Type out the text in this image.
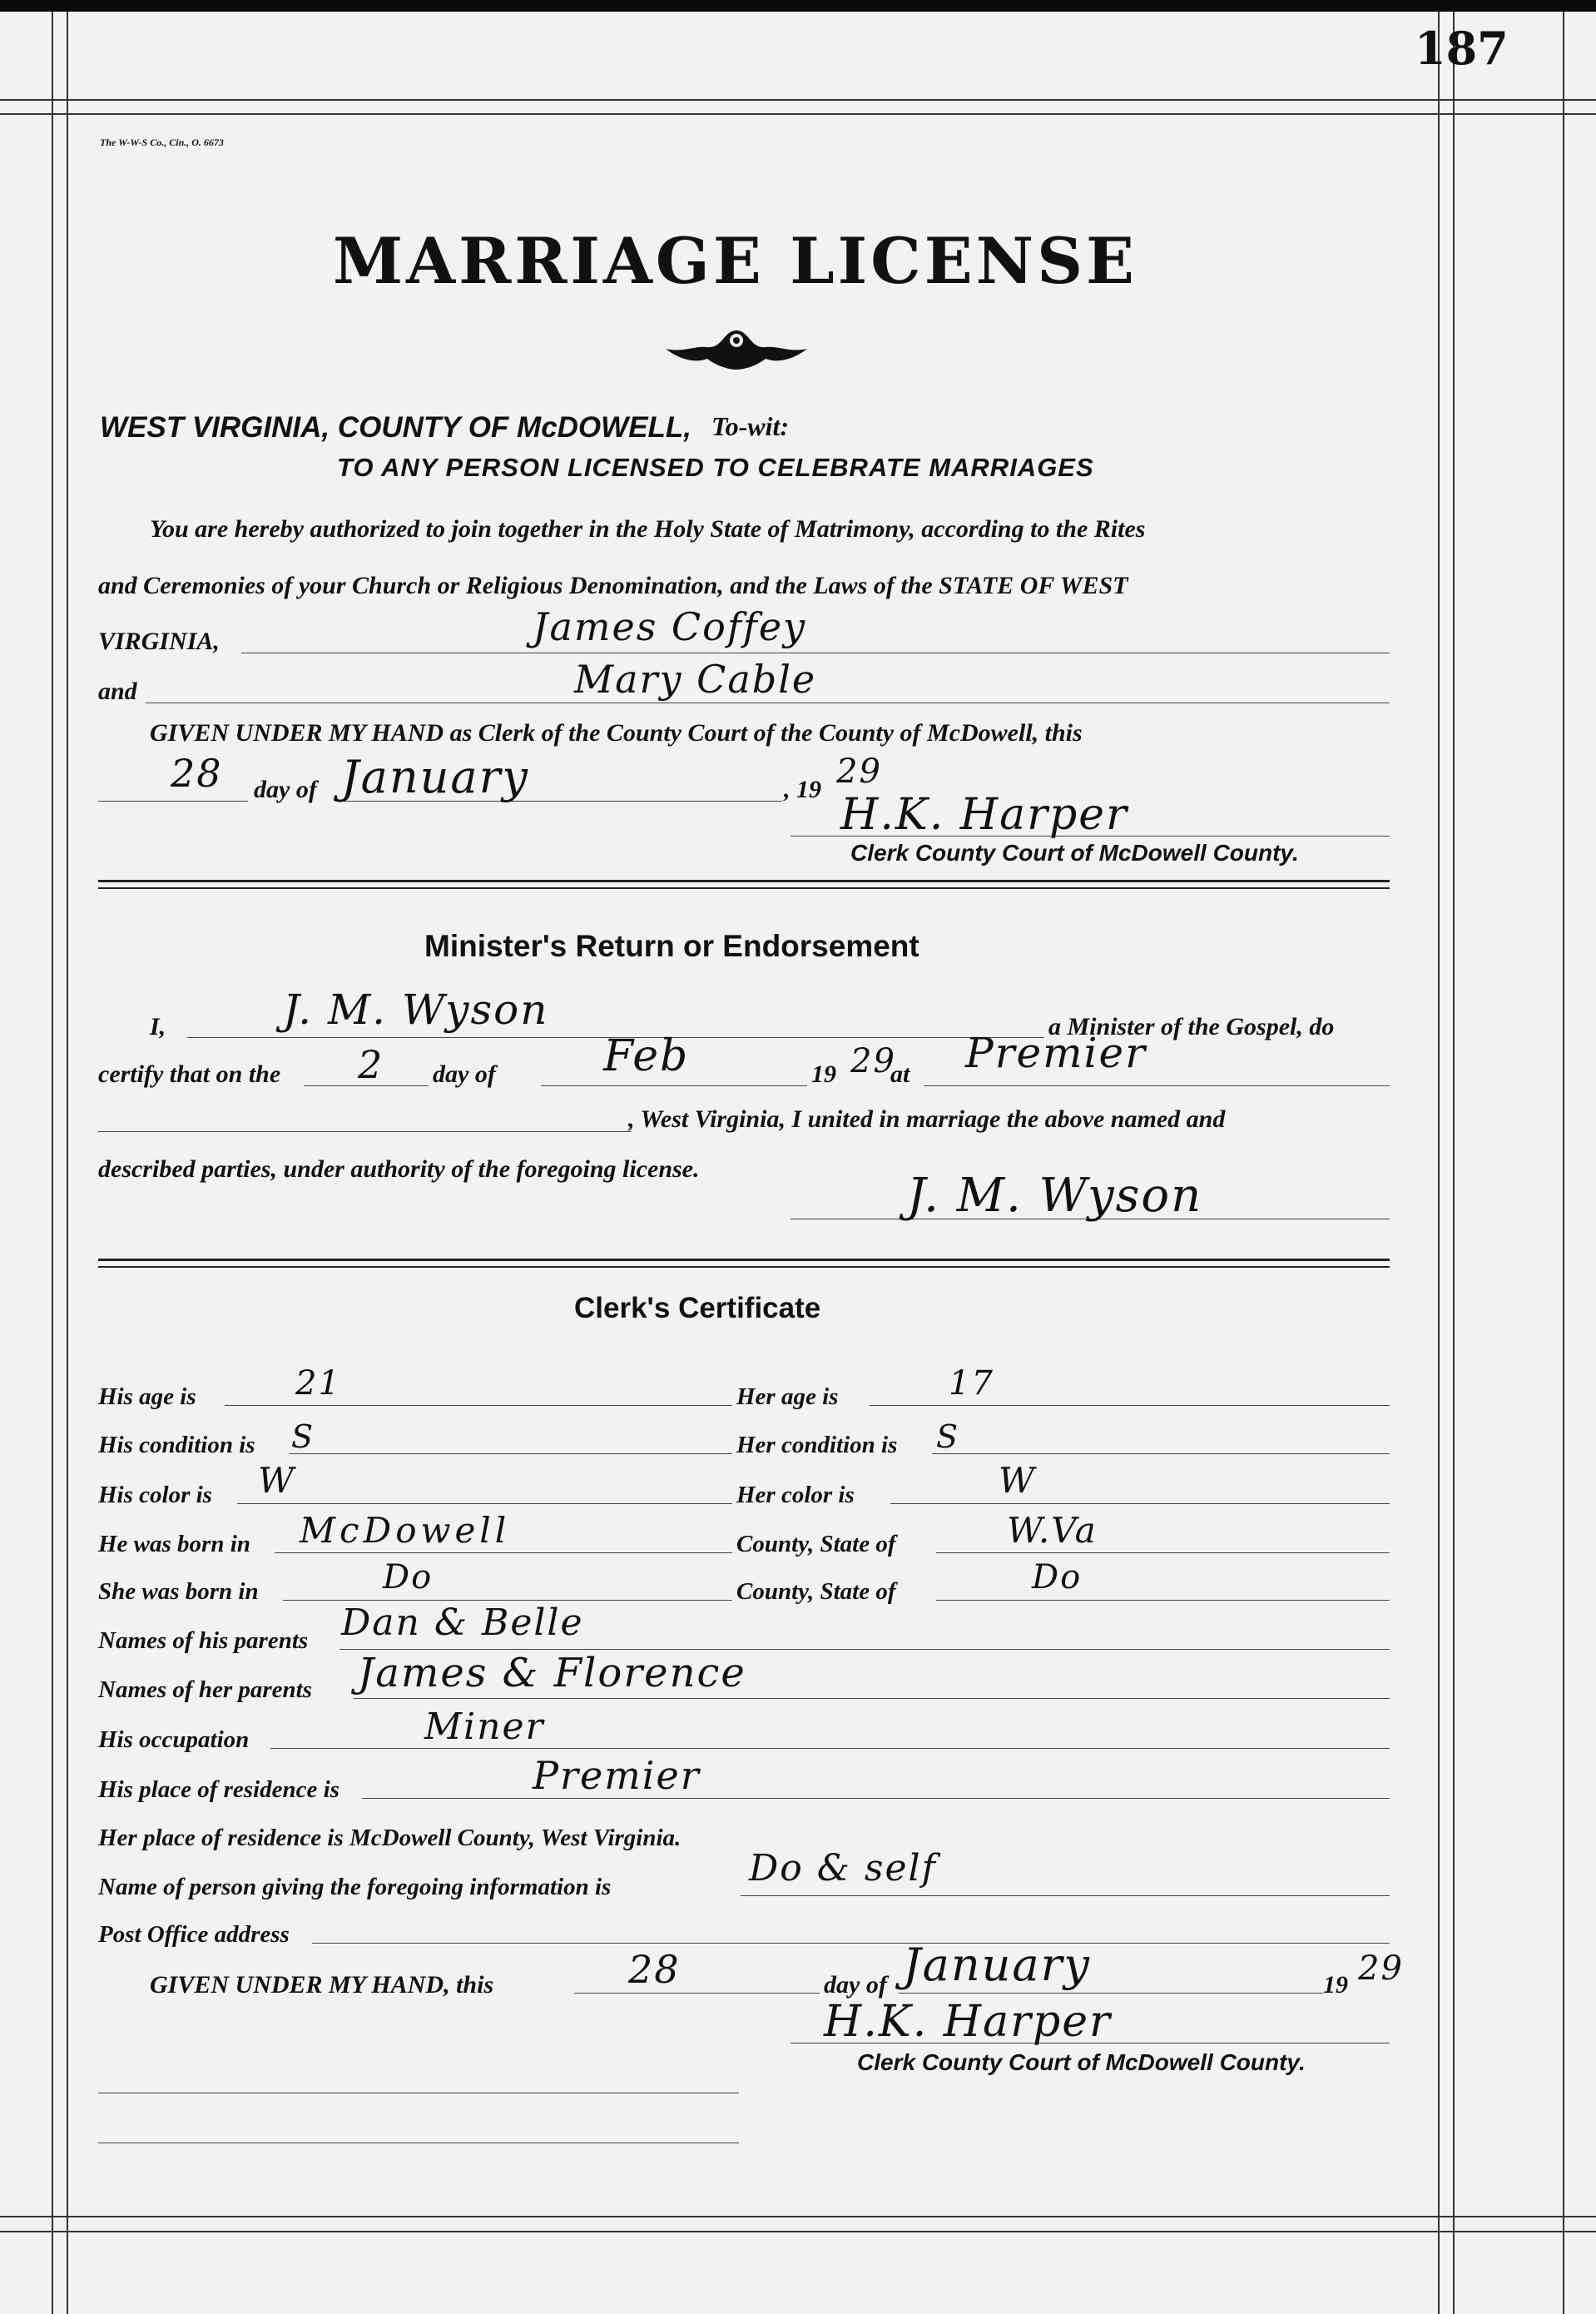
187
The W-W-S Co., Cin., O. 6673
MARRIAGE LICENSE
WEST VIRGINIA, COUNTY OF McDOWELL, To-wit:
TO ANY PERSON LICENSED TO CELEBRATE MARRIAGES
You are hereby authorized to join together in the Holy State of Matrimony, according to the Rites
and Ceremonies of your Church or Religious Denomination, and the Laws of the STATE OF WEST
VIRGINIA,	James Coffey
and	Mary Cable
GIVEN UNDER MY HAND as Clerk of the County Court of the County of McDowell, this
28 day of January	, 19 29
H.K. Harper
Clerk County Court of McDowell County.
Minister's Return or Endorsement
I,	J. M. Wyson	a Minister of the Gospel, do
certify that on the 2 day of Feb	19 29
at Premier
, West Virginia, I united in marriage the above named and
described parties, under authority of the foregoing license.	J. M. Wyson
Clerk's Certificate
His age is	21	Her age is	17
His condition is S	Her condition is S
His color is W	Her color is	W
He was born in McDowell	County, State of	W.Va
She was born in	Do	County, State of	Do
Names of his parents Dan & Belle
Names of her parents James & Florence
His occupation	Miner
His place of residence is	Premier
Her place of residence is McDowell County, West Virginia.
Name of person giving the foregoing information is	Do & self
Post Office address
GIVEN UNDER MY HAND, this	28	day of January	19 29
H.K. Harper
Clerk County Court of McDowell County.
